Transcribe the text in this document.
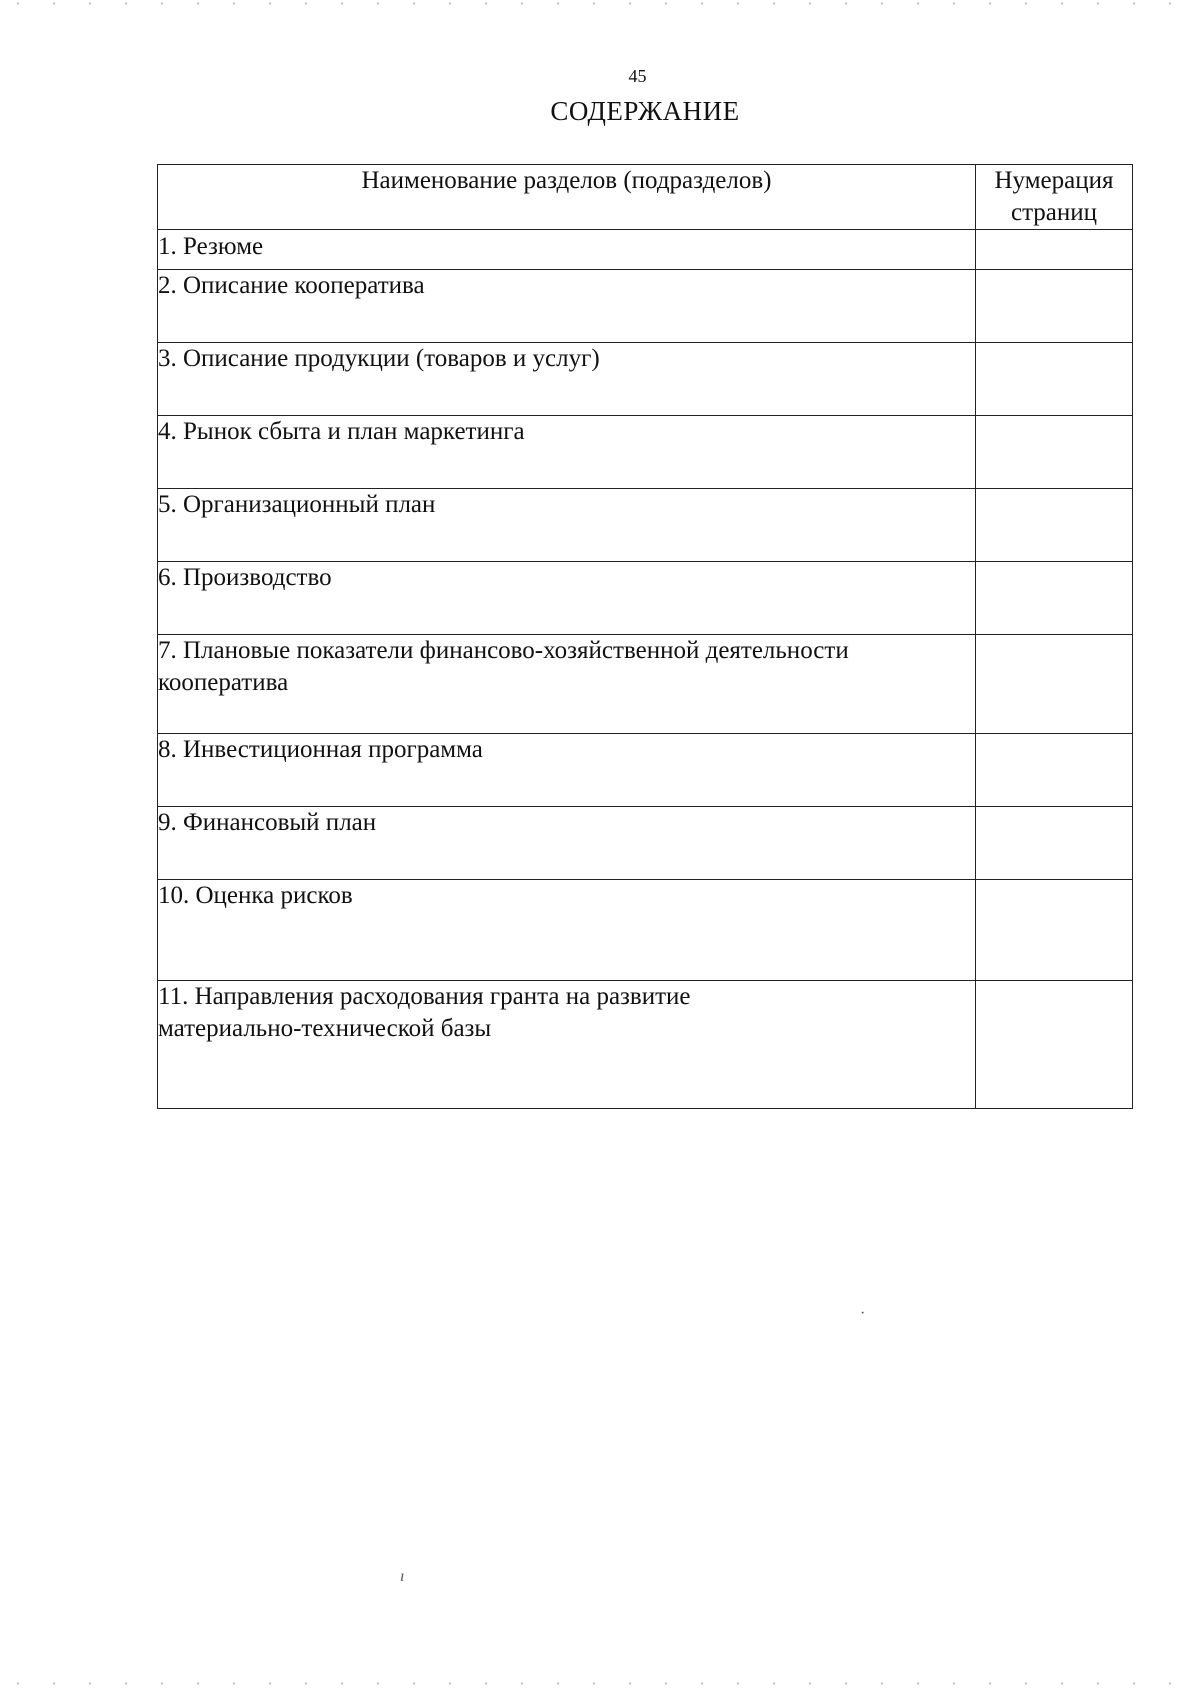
45
СОДЕРЖАНИЕ
Наименование разделов (подразделов)	Нумерация страниц
1. Резюме	
2. Описание кооператива	
3. Описание продукции (товаров и услуг)	
4. Рынок сбыта и план маркетинга	
5. Организационный план	
6. Производство	
7. Плановые показатели финансово-хозяйственной деятельности кооператива	
8. Инвестиционная программа	
9. Финансовый план	
10. Оценка рисков	
11. Направления расходования гранта на развитие материально-технической базы	
·
ı
